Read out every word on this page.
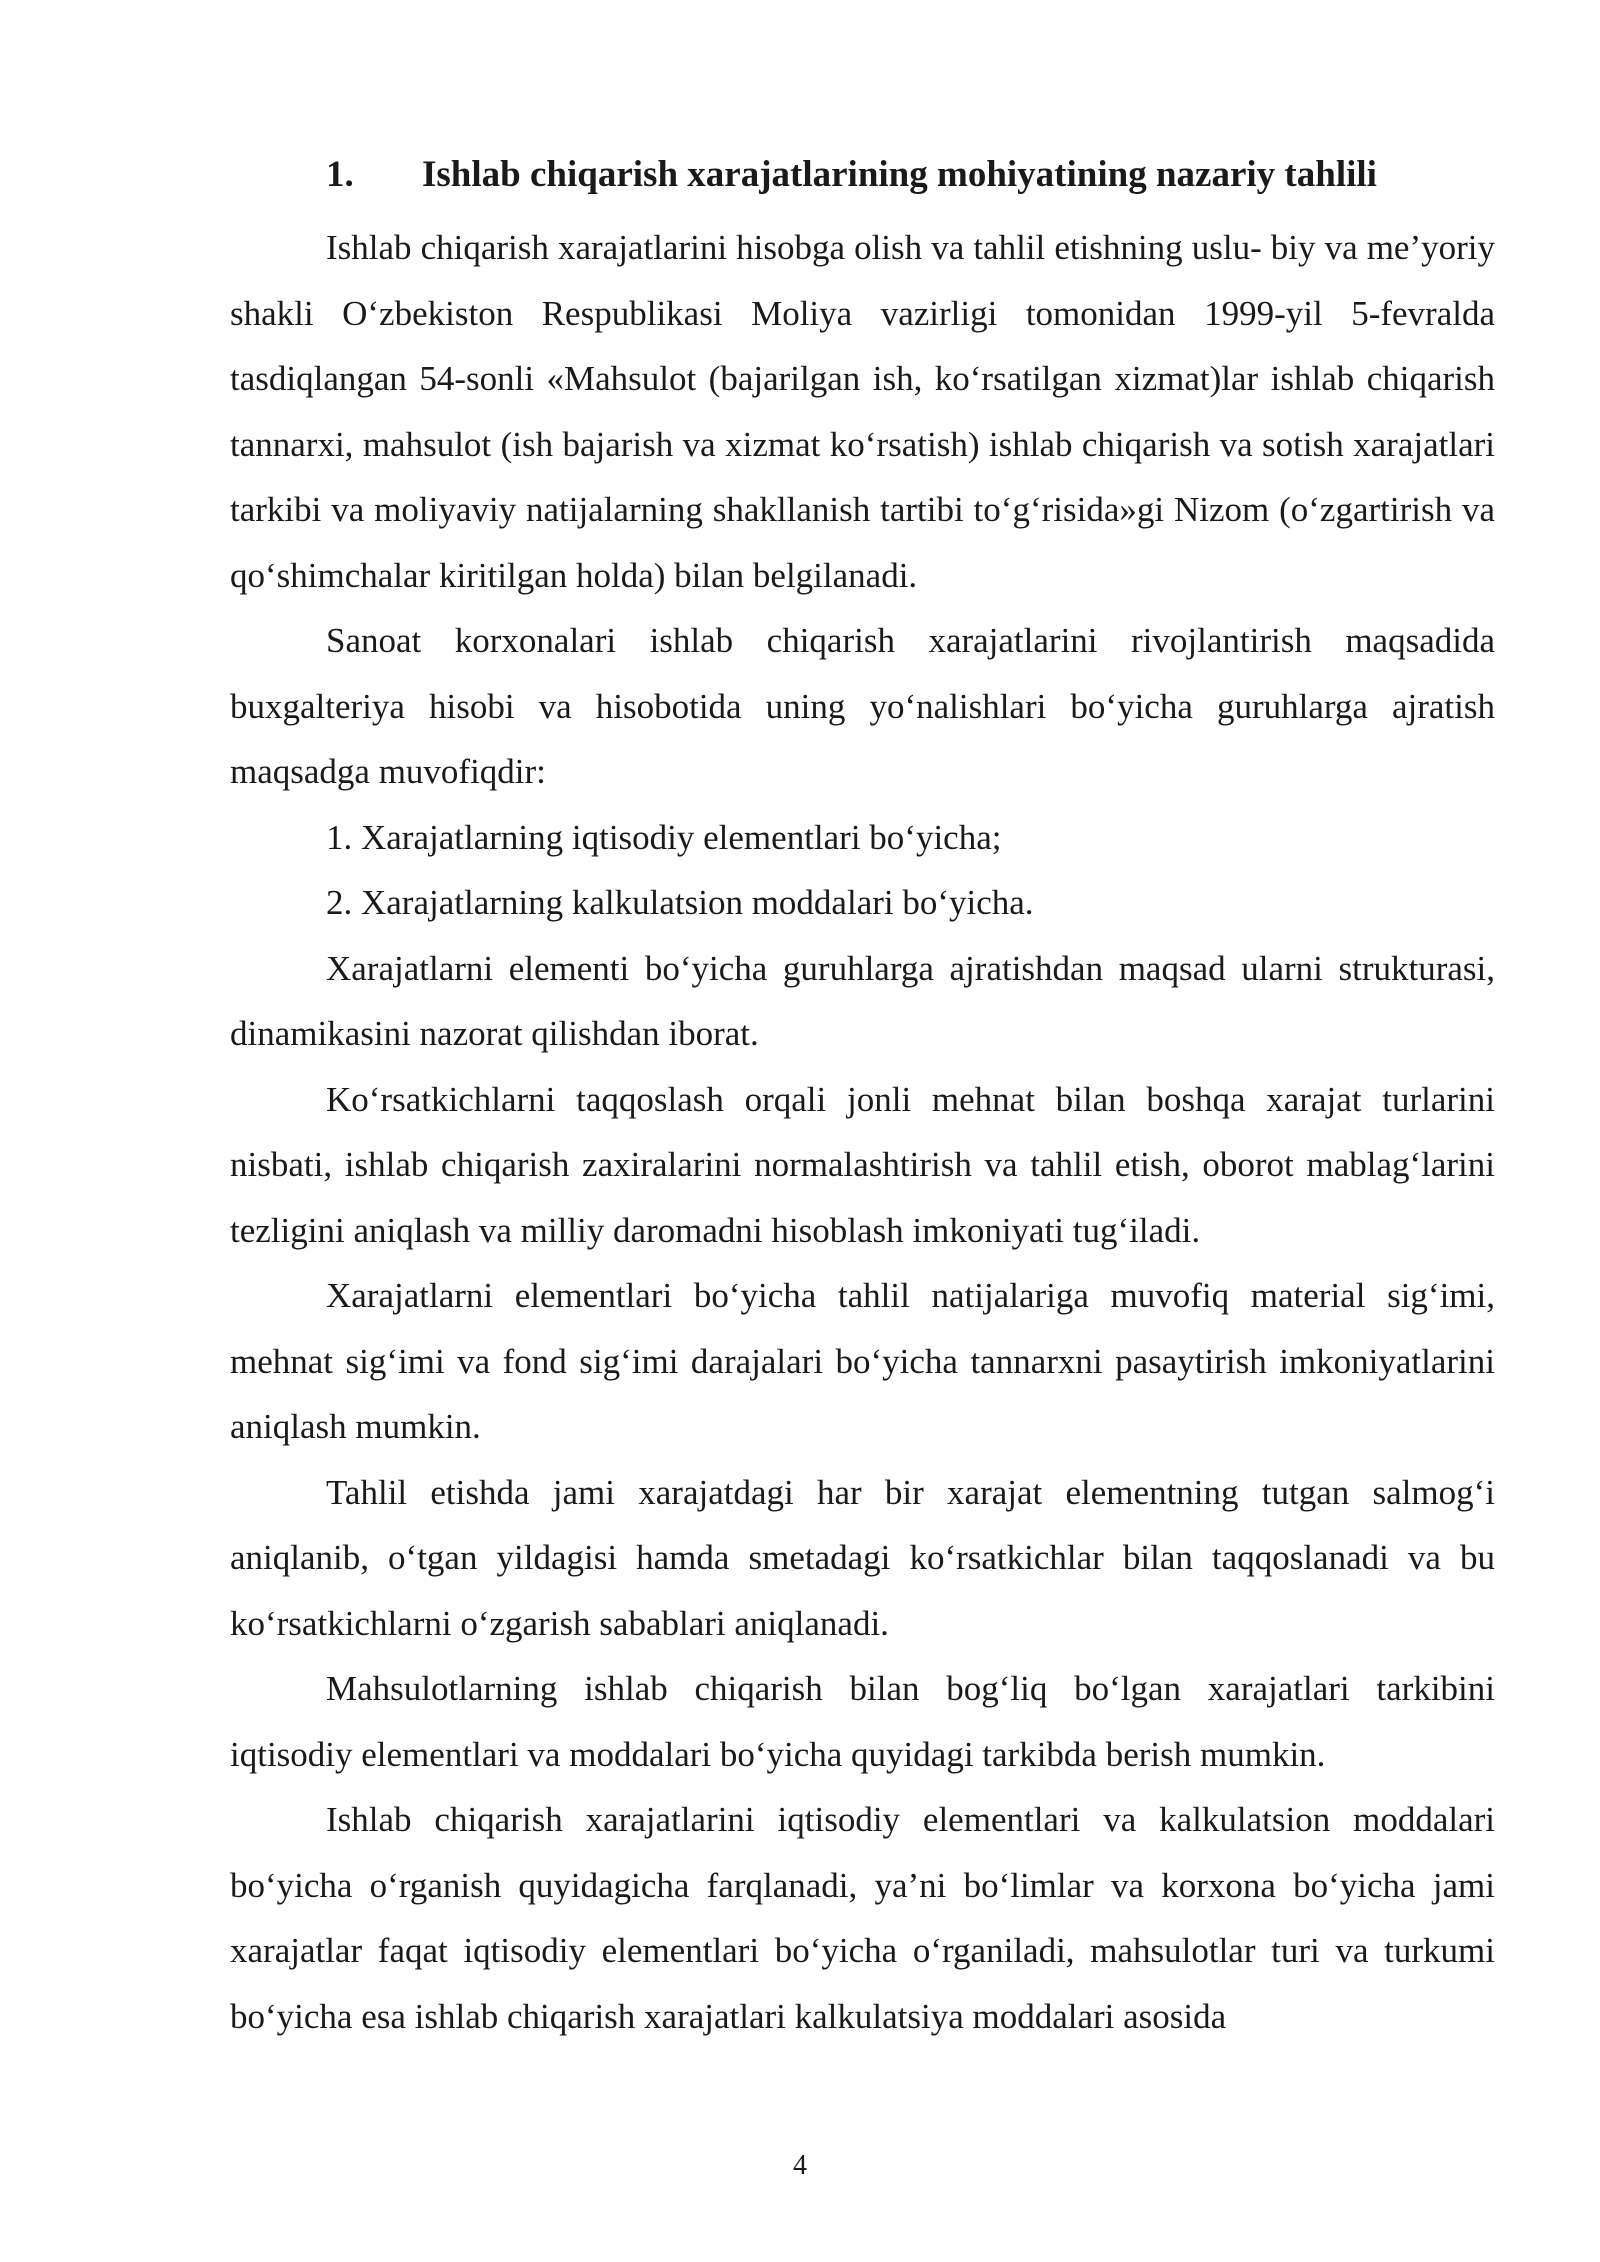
1. Ishlab chiqarish xarajatlarining mohiyatining nazariy tahlili

Ishlab chiqarish xarajatlarini hisobga olish va tahlil etishning uslu- biy va me’yoriy shakli O‘zbekiston Respublikasi Moliya vazirligi tomonidan 1999-yil 5-fevralda tasdiqlangan 54-sonli «Mahsulot (bajarilgan ish, ko‘rsatilgan xizmat)lar ishlab chiqarish tannarxi, mahsulot (ish bajarish va xizmat ko‘rsatish) ishlab chiqarish va sotish xarajatlari tarkibi va moliyaviy natijalarning shakllanish tartibi to‘g‘risida»gi Nizom (o‘zgartirish va qo‘shimchalar kiritilgan holda) bilan belgilanadi.

Sanoat korxonalari ishlab chiqarish xarajatlarini rivojlantirish maqsadida buxgalteriya hisobi va hisobotida uning yo‘nalishlari bo‘yicha guruhlarga ajratish maqsadga muvofiqdir:

1. Xarajatlarning iqtisodiy elementlari bo‘yicha;

2. Xarajatlarning kalkulatsion moddalari bo‘yicha.

Xarajatlarni elementi bo‘yicha guruhlarga ajratishdan maqsad ularni strukturasi, dinamikasini nazorat qilishdan iborat.

Ko‘rsatkichlarni taqqoslash orqali jonli mehnat bilan boshqa xarajat turlarini nisbati, ishlab chiqarish zaxiralarini normalashtirish va tahlil etish, oborot mablag‘larini tezligini aniqlash va milliy daromadni hisoblash imkoniyati tug‘iladi.

Xarajatlarni elementlari bo‘yicha tahlil natijalariga muvofiq material sig‘imi, mehnat sig‘imi va fond sig‘imi darajalari bo‘yicha tannarxni pasaytirish imkoniyatlarini aniqlash mumkin.

Tahlil etishda jami xarajatdagi har bir xarajat elementning tutgan salmog‘i aniqlanib, o‘tgan yildagisi hamda smetadagi ko‘rsatkichlar bilan taqqoslanadi va bu ko‘rsatkichlarni o‘zgarish sabablari aniqlanadi.

Mahsulotlarning ishlab chiqarish bilan bog‘liq bo‘lgan xarajatlari tarkibini iqtisodiy elementlari va moddalari bo‘yicha quyidagi tarkibda berish mumkin.

Ishlab chiqarish xarajatlarini iqtisodiy elementlari va kalkulatsion moddalari bo‘yicha o‘rganish quyidagicha farqlanadi, ya’ni bo‘limlar va korxona bo‘yicha jami xarajatlar faqat iqtisodiy elementlari bo‘yicha o‘rganiladi, mahsulotlar turi va turkumi bo‘yicha esa ishlab chiqarish xarajatlari kalkulatsiya moddalari asosida

4
